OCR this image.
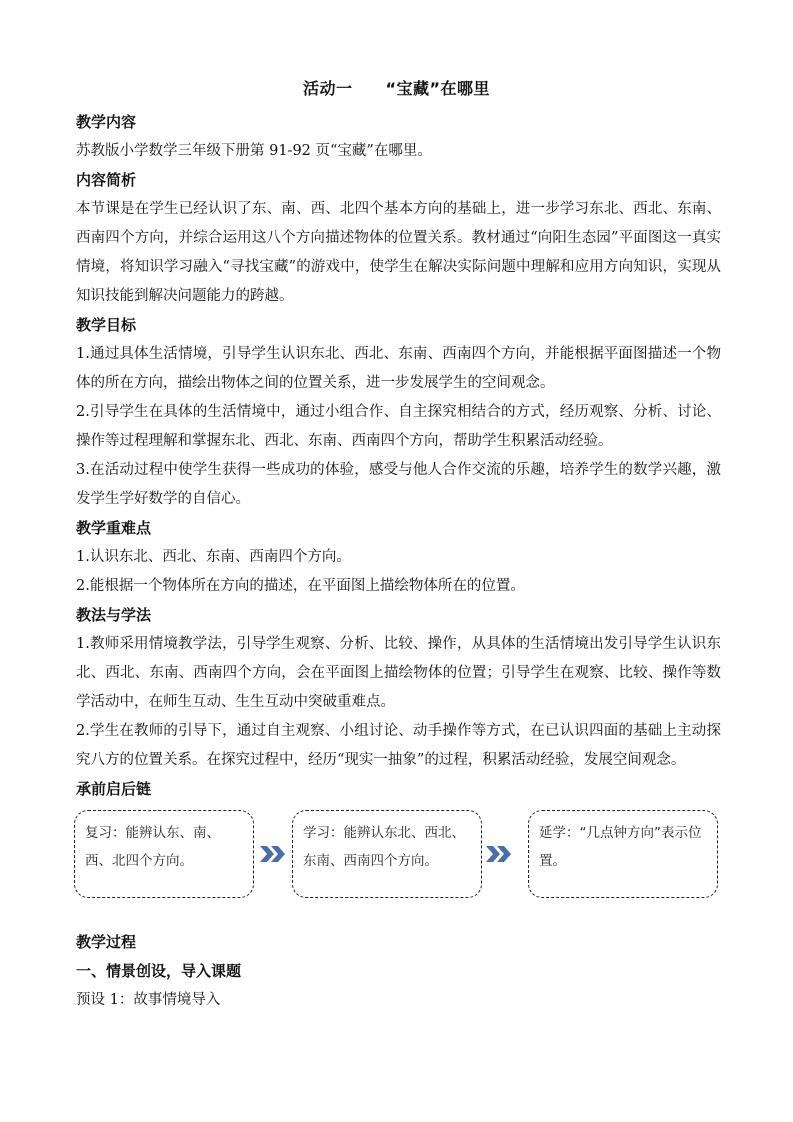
活动一　　“宝藏”在哪里

教学内容

苏教版小学数学三年级下册第 91-92 页“宝藏”在哪里。

内容简析

本节课是在学生已经认识了东、南、西、北四个基本方向的基础上，进一步学习东北、西北、东南、西南四个方向，并综合运用这八个方向描述物体的位置关系。教材通过“向阳生态园”平面图这一真实情境，将知识学习融入“寻找宝藏”的游戏中，使学生在解决实际问题中理解和应用方向知识，实现从知识技能到解决问题能力的跨越。

教学目标

1.通过具体生活情境，引导学生认识东北、西北、东南、西南四个方向，并能根据平面图描述一个物体的所在方向，描绘出物体之间的位置关系，进一步发展学生的空间观念。

2.引导学生在具体的生活情境中，通过小组合作、自主探究相结合的方式，经历观察、分析、讨论、操作等过程理解和掌握东北、西北、东南、西南四个方向，帮助学生积累活动经验。

3.在活动过程中使学生获得一些成功的体验，感受与他人合作交流的乐趣，培养学生的数学兴趣，激发学生学好数学的自信心。

教学重难点

1.认识东北、西北、东南、西南四个方向。

2.能根据一个物体所在方向的描述，在平面图上描绘物体所在的位置。

教法与学法

1.教师采用情境教学法，引导学生观察、分析、比较、操作，从具体的生活情境出发引导学生认识东北、西北、东南、西南四个方向，会在平面图上描绘物体的位置；引导学生在观察、比较、操作等数学活动中，在师生互动、生生互动中突破重难点。

2.学生在教师的引导下，通过自主观察、小组讨论、动手操作等方式，在已认识四面的基础上主动探究八方的位置关系。在探究过程中，经历“现实一抽象”的过程，积累活动经验，发展空间观念。

承前启后链

复习：能辨认东、南、西、北四个方向。
学习：能辨认东北、西北、东南、西南四个方向。
延学：“几点钟方向”表示位置。

教学过程

一、情景创设，导入课题

预设 1：故事情境导入
